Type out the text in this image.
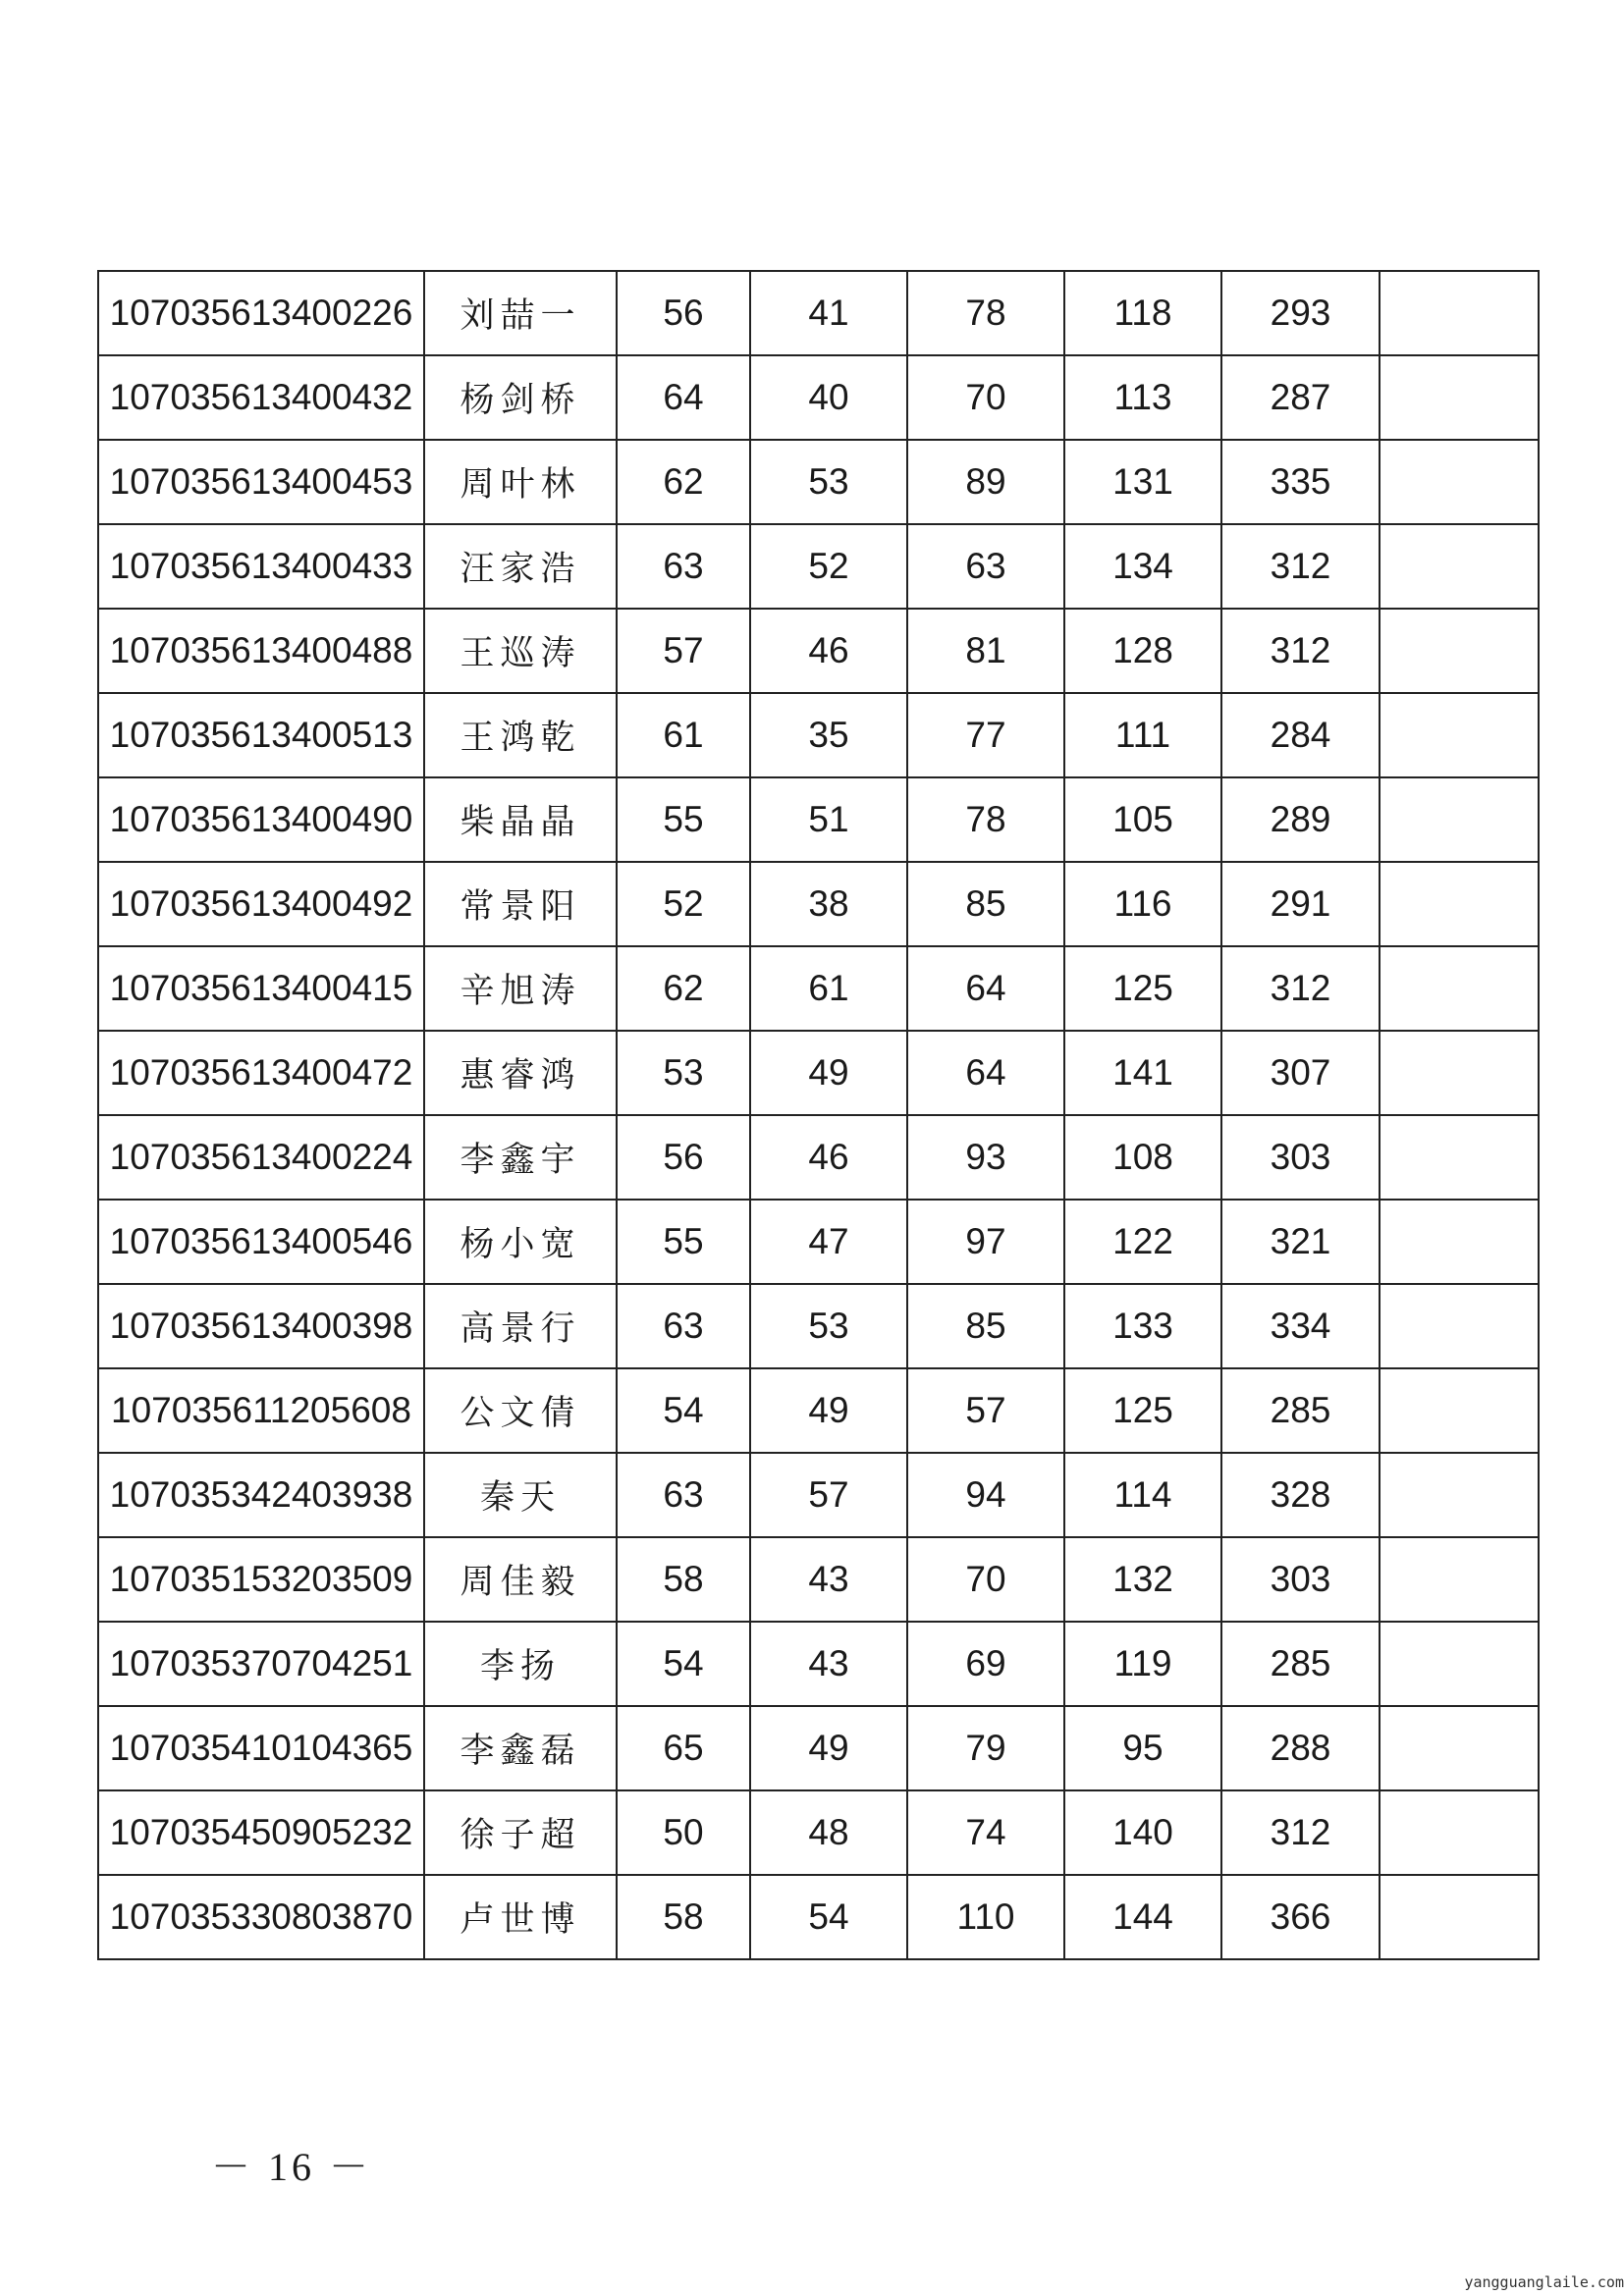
107035613400226	刘喆一	56	41	78	118	293	
107035613400432	杨剑桥	64	40	70	113	287	
107035613400453	周叶林	62	53	89	131	335	
107035613400433	汪家浩	63	52	63	134	312	
107035613400488	王巡涛	57	46	81	128	312	
107035613400513	王鸿乾	61	35	77	111	284	
107035613400490	柴晶晶	55	51	78	105	289	
107035613400492	常景阳	52	38	85	116	291	
107035613400415	辛旭涛	62	61	64	125	312	
107035613400472	惠睿鸿	53	49	64	141	307	
107035613400224	李鑫宇	56	46	93	108	303	
107035613400546	杨小宽	55	47	97	122	321	
107035613400398	高景行	63	53	85	133	334	
107035611205608	公文倩	54	49	57	125	285	
107035342403938	秦天	63	57	94	114	328	
107035153203509	周佳毅	58	43	70	132	303	
107035370704251	李扬	54	43	69	119	285	
107035410104365	李鑫磊	65	49	79	95	288	
107035450905232	徐子超	50	48	74	140	312	
107035330803870	卢世博	58	54	110	144	366	
－ 16 －
yangguanglaile.com
